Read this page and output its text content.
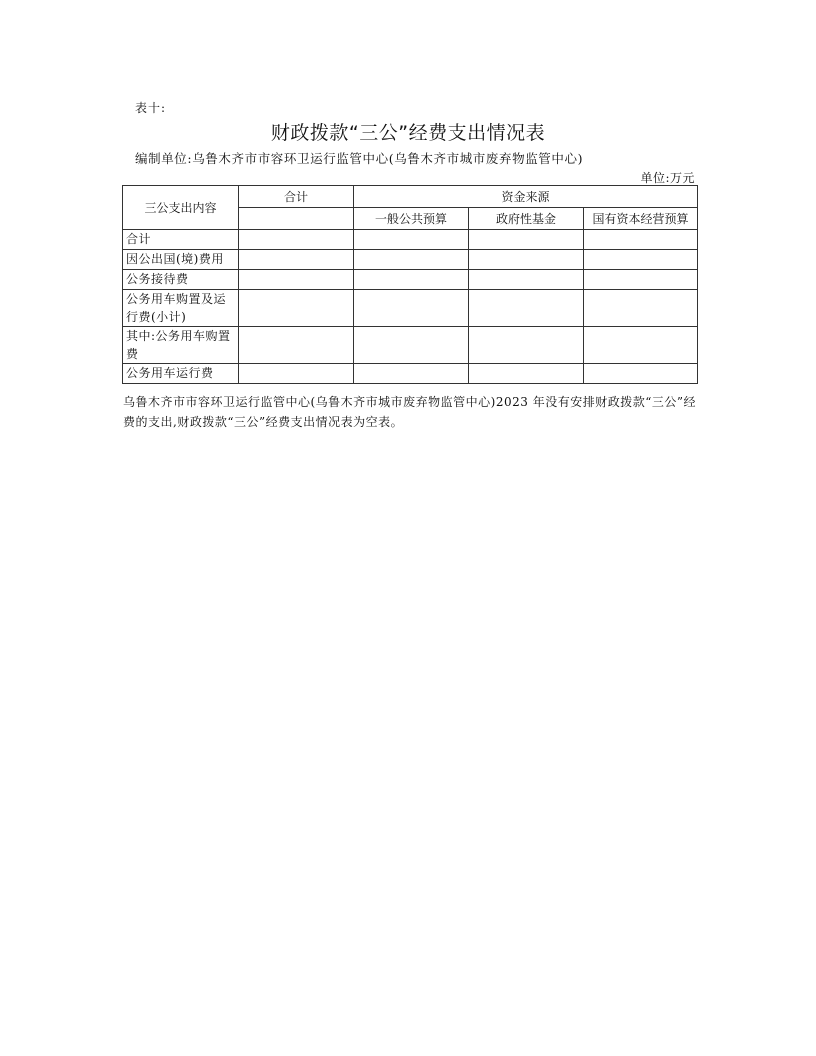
表十:
财政拨款“三公”经费支出情况表
编制单位:乌鲁木齐市市容环卫运行监管中心(乌鲁木齐市城市废弃物监管中心)
单位:万元
三公支出内容	合计	资金来源		
		一般公共预算	政府性基金	国有资本经营预算
合计				
因公出国(境)费用				
公务接待费				
公务用车购置及运行费(小计)				
其中:公务用车购置费				
公务用车运行费				
乌鲁木齐市市容环卫运行监管中心(乌鲁木齐市城市废弃物监管中心)2023 年没有安排财政拨款“三公”经费的支出,财政拨款“三公”经费支出情况表为空表。
